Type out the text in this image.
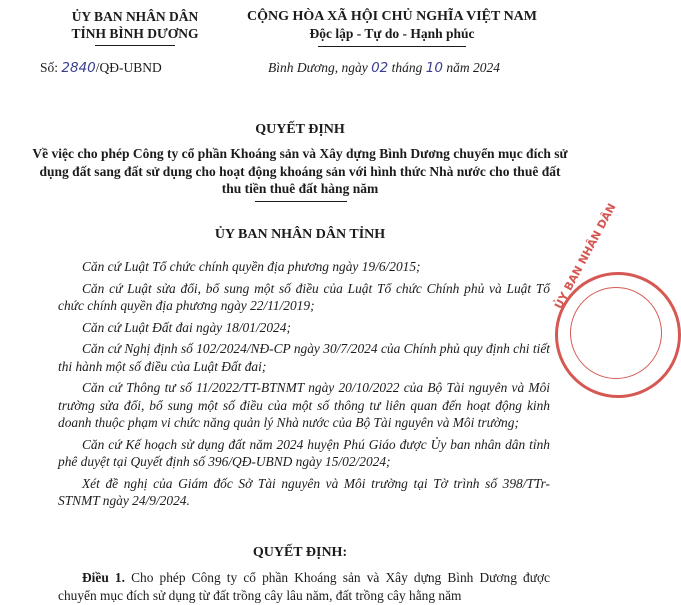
ỦY BAN NHÂN DÂN
TỈNH BÌNH DƯƠNG
CỘNG HÒA XÃ HỘI CHỦ NGHĨA VIỆT NAM
Độc lập - Tự do - Hạnh phúc
Số: 2840/QĐ-UBND	Bình Dương, ngày 02 tháng 10 năm 2024
QUYẾT ĐỊNH
Về việc cho phép Công ty cổ phần Khoáng sản và Xây dựng Bình Dương chuyển mục đích sử dụng đất sang đất sử dụng cho hoạt động khoáng sản với hình thức Nhà nước cho thuê đất thu tiền thuê đất hàng năm
ỦY BAN NHÂN DÂN TỈNH

Căn cứ Luật Tổ chức chính quyền địa phương ngày 19/6/2015;

Căn cứ Luật sửa đổi, bổ sung một số điều của Luật Tổ chức Chính phủ và Luật Tổ chức chính quyền địa phương ngày 22/11/2019;

Căn cứ Luật Đất đai ngày 18/01/2024;

Căn cứ Nghị định số 102/2024/NĐ-CP ngày 30/7/2024 của Chính phủ quy định chi tiết thi hành một số điều của Luật Đất đai;

Căn cứ Thông tư số 11/2022/TT-BTNMT ngày 20/10/2022 của Bộ Tài nguyên và Môi trường sửa đổi, bổ sung một số điều của một số thông tư liên quan đến hoạt động kinh doanh thuộc phạm vi chức năng quản lý Nhà nước của Bộ Tài nguyên và Môi trường;

Căn cứ Kế hoạch sử dụng đất năm 2024 huyện Phú Giáo được Ủy ban nhân dân tỉnh phê duyệt tại Quyết định số 396/QĐ-UBND ngày 15/02/2024;

Xét đề nghị của Giám đốc Sở Tài nguyên và Môi trường tại Tờ trình số 398/TTr-STNMT ngày 24/9/2024.

QUYẾT ĐỊNH:

Điều 1. Cho phép Công ty cổ phần Khoáng sản và Xây dựng Bình Dương được chuyển mục đích sử dụng từ đất trồng cây lâu năm, đất trồng cây hằng năm

ỦY BAN NHÂN DÂN
